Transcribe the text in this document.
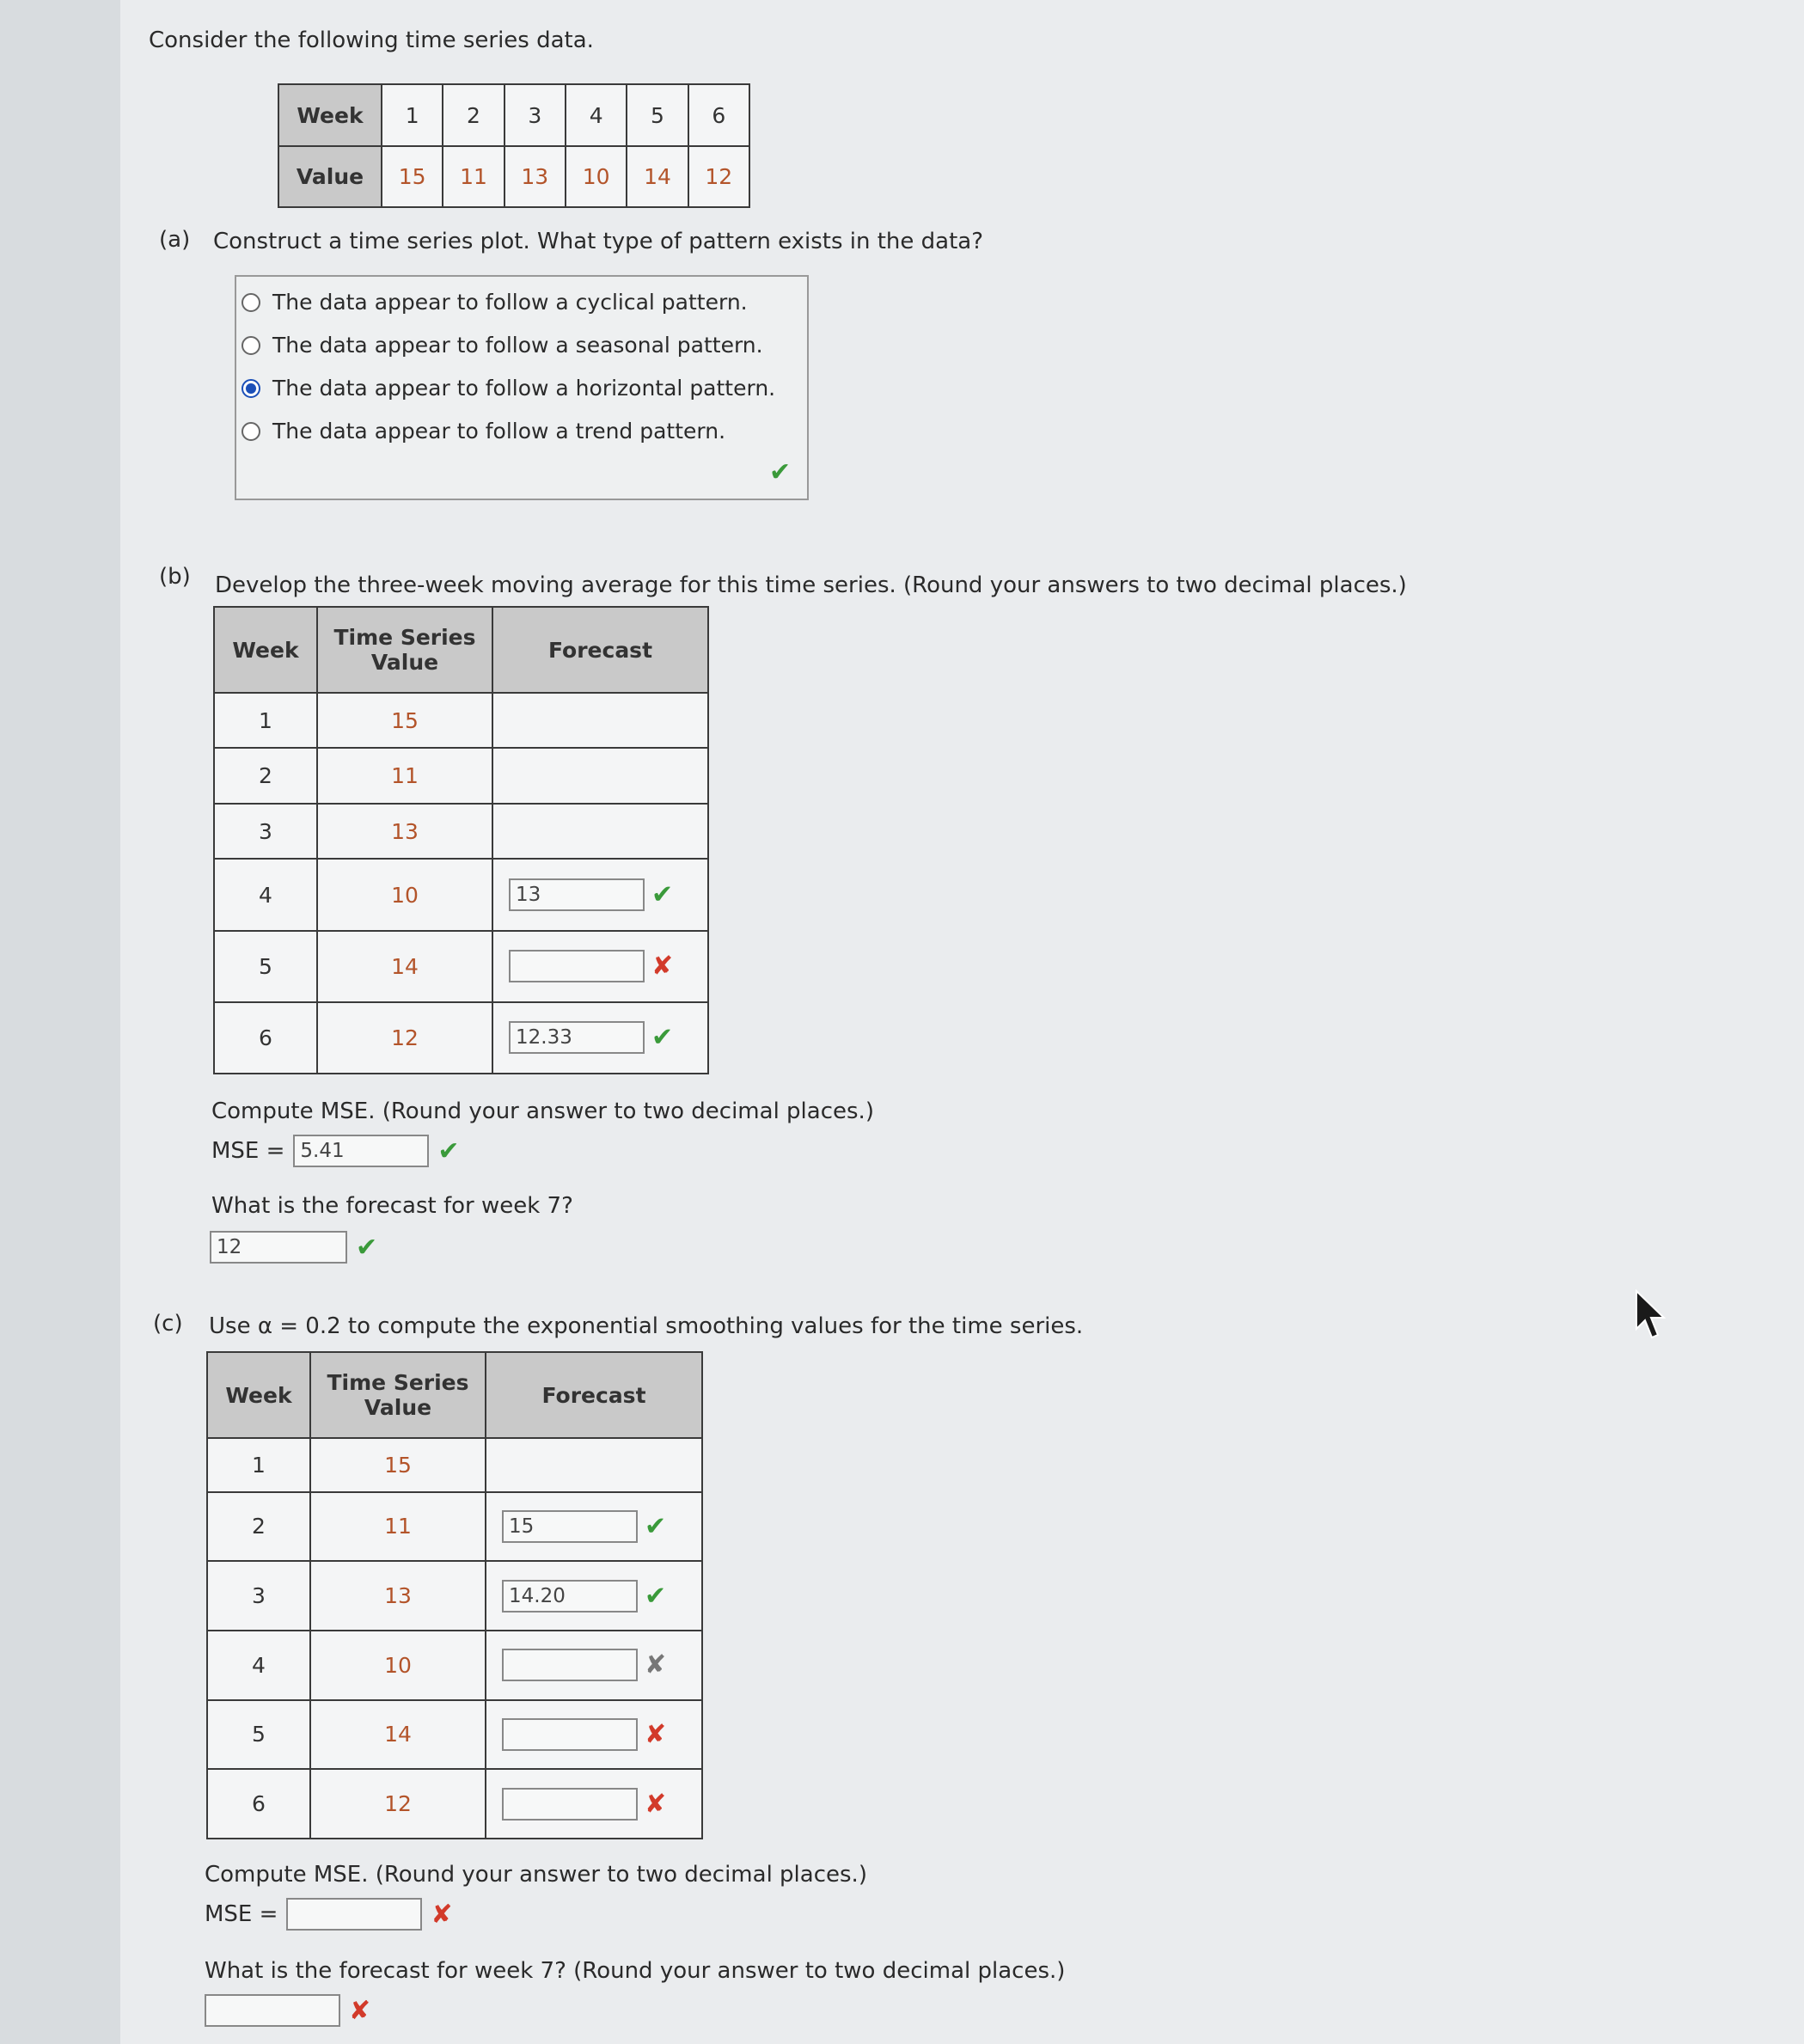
Consider the following time series data.
Week	1	2	3	4	5	6
Value	15	11	13	10	14	12
(a) Construct a time series plot. What type of pattern exists in the data?
The data appear to follow a cyclical pattern.
The data appear to follow a seasonal pattern.
The data appear to follow a horizontal pattern.
The data appear to follow a trend pattern.
✔
(b) Develop the three-week moving average for this time series. (Round your answers to two decimal places.)
Week	Time Series Value	Forecast
1	15	
2	11	
3	13	
4	10	13 ✔
5	14	✘
6	12	12.33 ✔
Compute MSE. (Round your answer to two decimal places.)
MSE = 5.41	✔
What is the forecast for week 7?
12	✔
(c) Use α = 0.2 to compute the exponential smoothing values for the time series.
Week	Time Series Value	Forecast
1	15	
2	11	15 ✔
3	13	14.20 ✔
4	10	✘
5	14	✘
6	12	✘
Compute MSE. (Round your answer to two decimal places.)
MSE =	✘
What is the forecast for week 7? (Round your answer to two decimal places.)
✘
